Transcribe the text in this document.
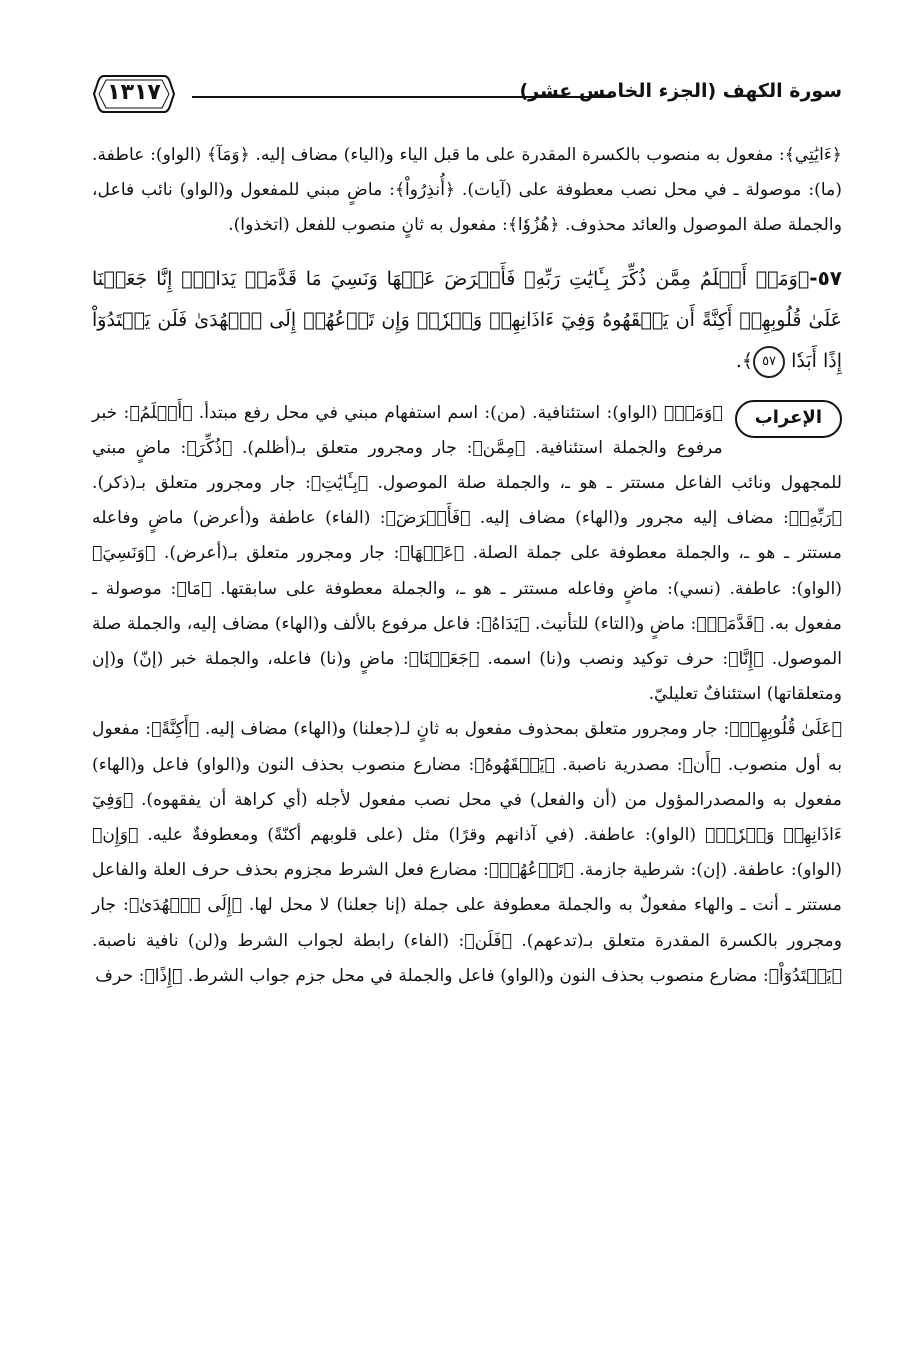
سورة الكهف (الجزء الخامس عشر)
١٣١٧

﴿ءَايَٰتِي﴾: مفعول به منصوب بالكسرة المقدرة على ما قبل الياء و(الياء) مضاف إليه. ﴿وَمَآ﴾ (الواو): عاطفة. (ما): موصولة ـ في محل نصب معطوفة على (آيات). ﴿أُنذِرُواْ﴾: ماضٍ مبني للمفعول و(الواو) نائب فاعل، والجملة صلة الموصول والعائد محذوف. ﴿هُزُوٗا﴾: مفعول به ثانٍ منصوب للفعل (اتخذوا).

٥٧-﴿وَمَنۡ أَظۡلَمُ مِمَّن ذُكِّرَ بِـَٔايَٰتِ رَبِّهِۦ فَأَعۡرَضَ عَنۡهَا وَنَسِيَ مَا قَدَّمَتۡ يَدَاهُۚ إِنَّا جَعَلۡنَا عَلَىٰ قُلُوبِهِمۡ أَكِنَّةً أَن يَفۡقَهُوهُ وَفِيٓ ءَاذَانِهِمۡ وَقۡرٗاۖ وَإِن تَدۡعُهُمۡ إِلَى ٱلۡهُدَىٰ فَلَن يَهۡتَدُوٓاْ إِذًا أَبَدٗا ٥٧﴾.

الإعراب
﴿وَمَنۡ﴾ (الواو): استئنافية. (من): اسم استفهام مبني في محل رفع مبتدأ. ﴿أَظۡلَمُ﴾: خبر مرفوع والجملة استئنافية. ﴿مِمَّن﴾: جار ومجرور متعلق بـ(أظلم). ﴿ذُكِّرَ﴾: ماضٍ مبني للمجهول ونائب الفاعل مستتر ـ هو ـ، والجملة صلة الموصول. ﴿بِـَٔايَٰتِ﴾: جار ومجرور متعلق بـ(ذكر). ﴿رَبِّهِۦ﴾: مضاف إليه مجرور و(الهاء) مضاف إليه. ﴿فَأَعۡرَضَ﴾: (الفاء) عاطفة و(أعرض) ماضٍ وفاعله مستتر ـ هو ـ، والجملة معطوفة على جملة الصلة. ﴿عَنۡهَا﴾: جار ومجرور متعلق بـ(أعرض). ﴿وَنَسِيَ﴾ (الواو): عاطفة. (نسي): ماضٍ وفاعله مستتر ـ هو ـ، والجملة معطوفة على سابقتها. ﴿مَا﴾: موصولة ـ مفعول به. ﴿قَدَّمَتۡ﴾: ماضٍ و(التاء) للتأنيث. ﴿يَدَاهُ﴾: فاعل مرفوع بالألف و(الهاء) مضاف إليه، والجملة صلة الموصول. ﴿إِنَّا﴾: حرف توكيد ونصب و(نا) اسمه. ﴿جَعَلۡنَا﴾: ماضٍ و(نا) فاعله، والجملة خبر (إنّ) و(إن ومتعلقاتها) استئنافٌ تعليليّ.

﴿عَلَىٰ قُلُوبِهِمۡ﴾: جار ومجرور متعلق بمحذوف مفعول به ثانٍ لـ(جعلنا) و(الهاء) مضاف إليه. ﴿أَكِنَّةً﴾: مفعول به أول منصوب. ﴿أَن﴾: مصدرية ناصبة. ﴿يَفۡقَهُوهُ﴾: مضارع منصوب بحذف النون و(الواو) فاعل و(الهاء) مفعول به والمصدرالمؤول من (أن والفعل) في محل نصب مفعول لأجله (أي كراهة أن يفقهوه). ﴿وَفِيٓ ءَاذَانِهِمۡ وَقۡرٗاۖ﴾ (الواو): عاطفة. (في آذانهم وقرًا) مثل (على قلوبهم أكنّةً) ومعطوفةٌ عليه. ﴿وَإِن﴾ (الواو): عاطفة. (إن): شرطية جازمة. ﴿تَدۡعُهُمۡ﴾: مضارع فعل الشرط مجزوم بحذف حرف العلة والفاعل مستتر ـ أنت ـ والهاء مفعولٌ به والجملة معطوفة على جملة (إنا جعلنا) لا محل لها. ﴿إِلَى ٱلۡهُدَىٰ﴾: جار ومجرور بالكسرة المقدرة متعلق بـ(تدعهم). ﴿فَلَن﴾: (الفاء) رابطة لجواب الشرط و(لن) نافية ناصبة. ﴿يَهۡتَدُوٓاْ﴾: مضارع منصوب بحذف النون و(الواو) فاعل والجملة في محل جزم جواب الشرط. ﴿إِذًا﴾: حرف
